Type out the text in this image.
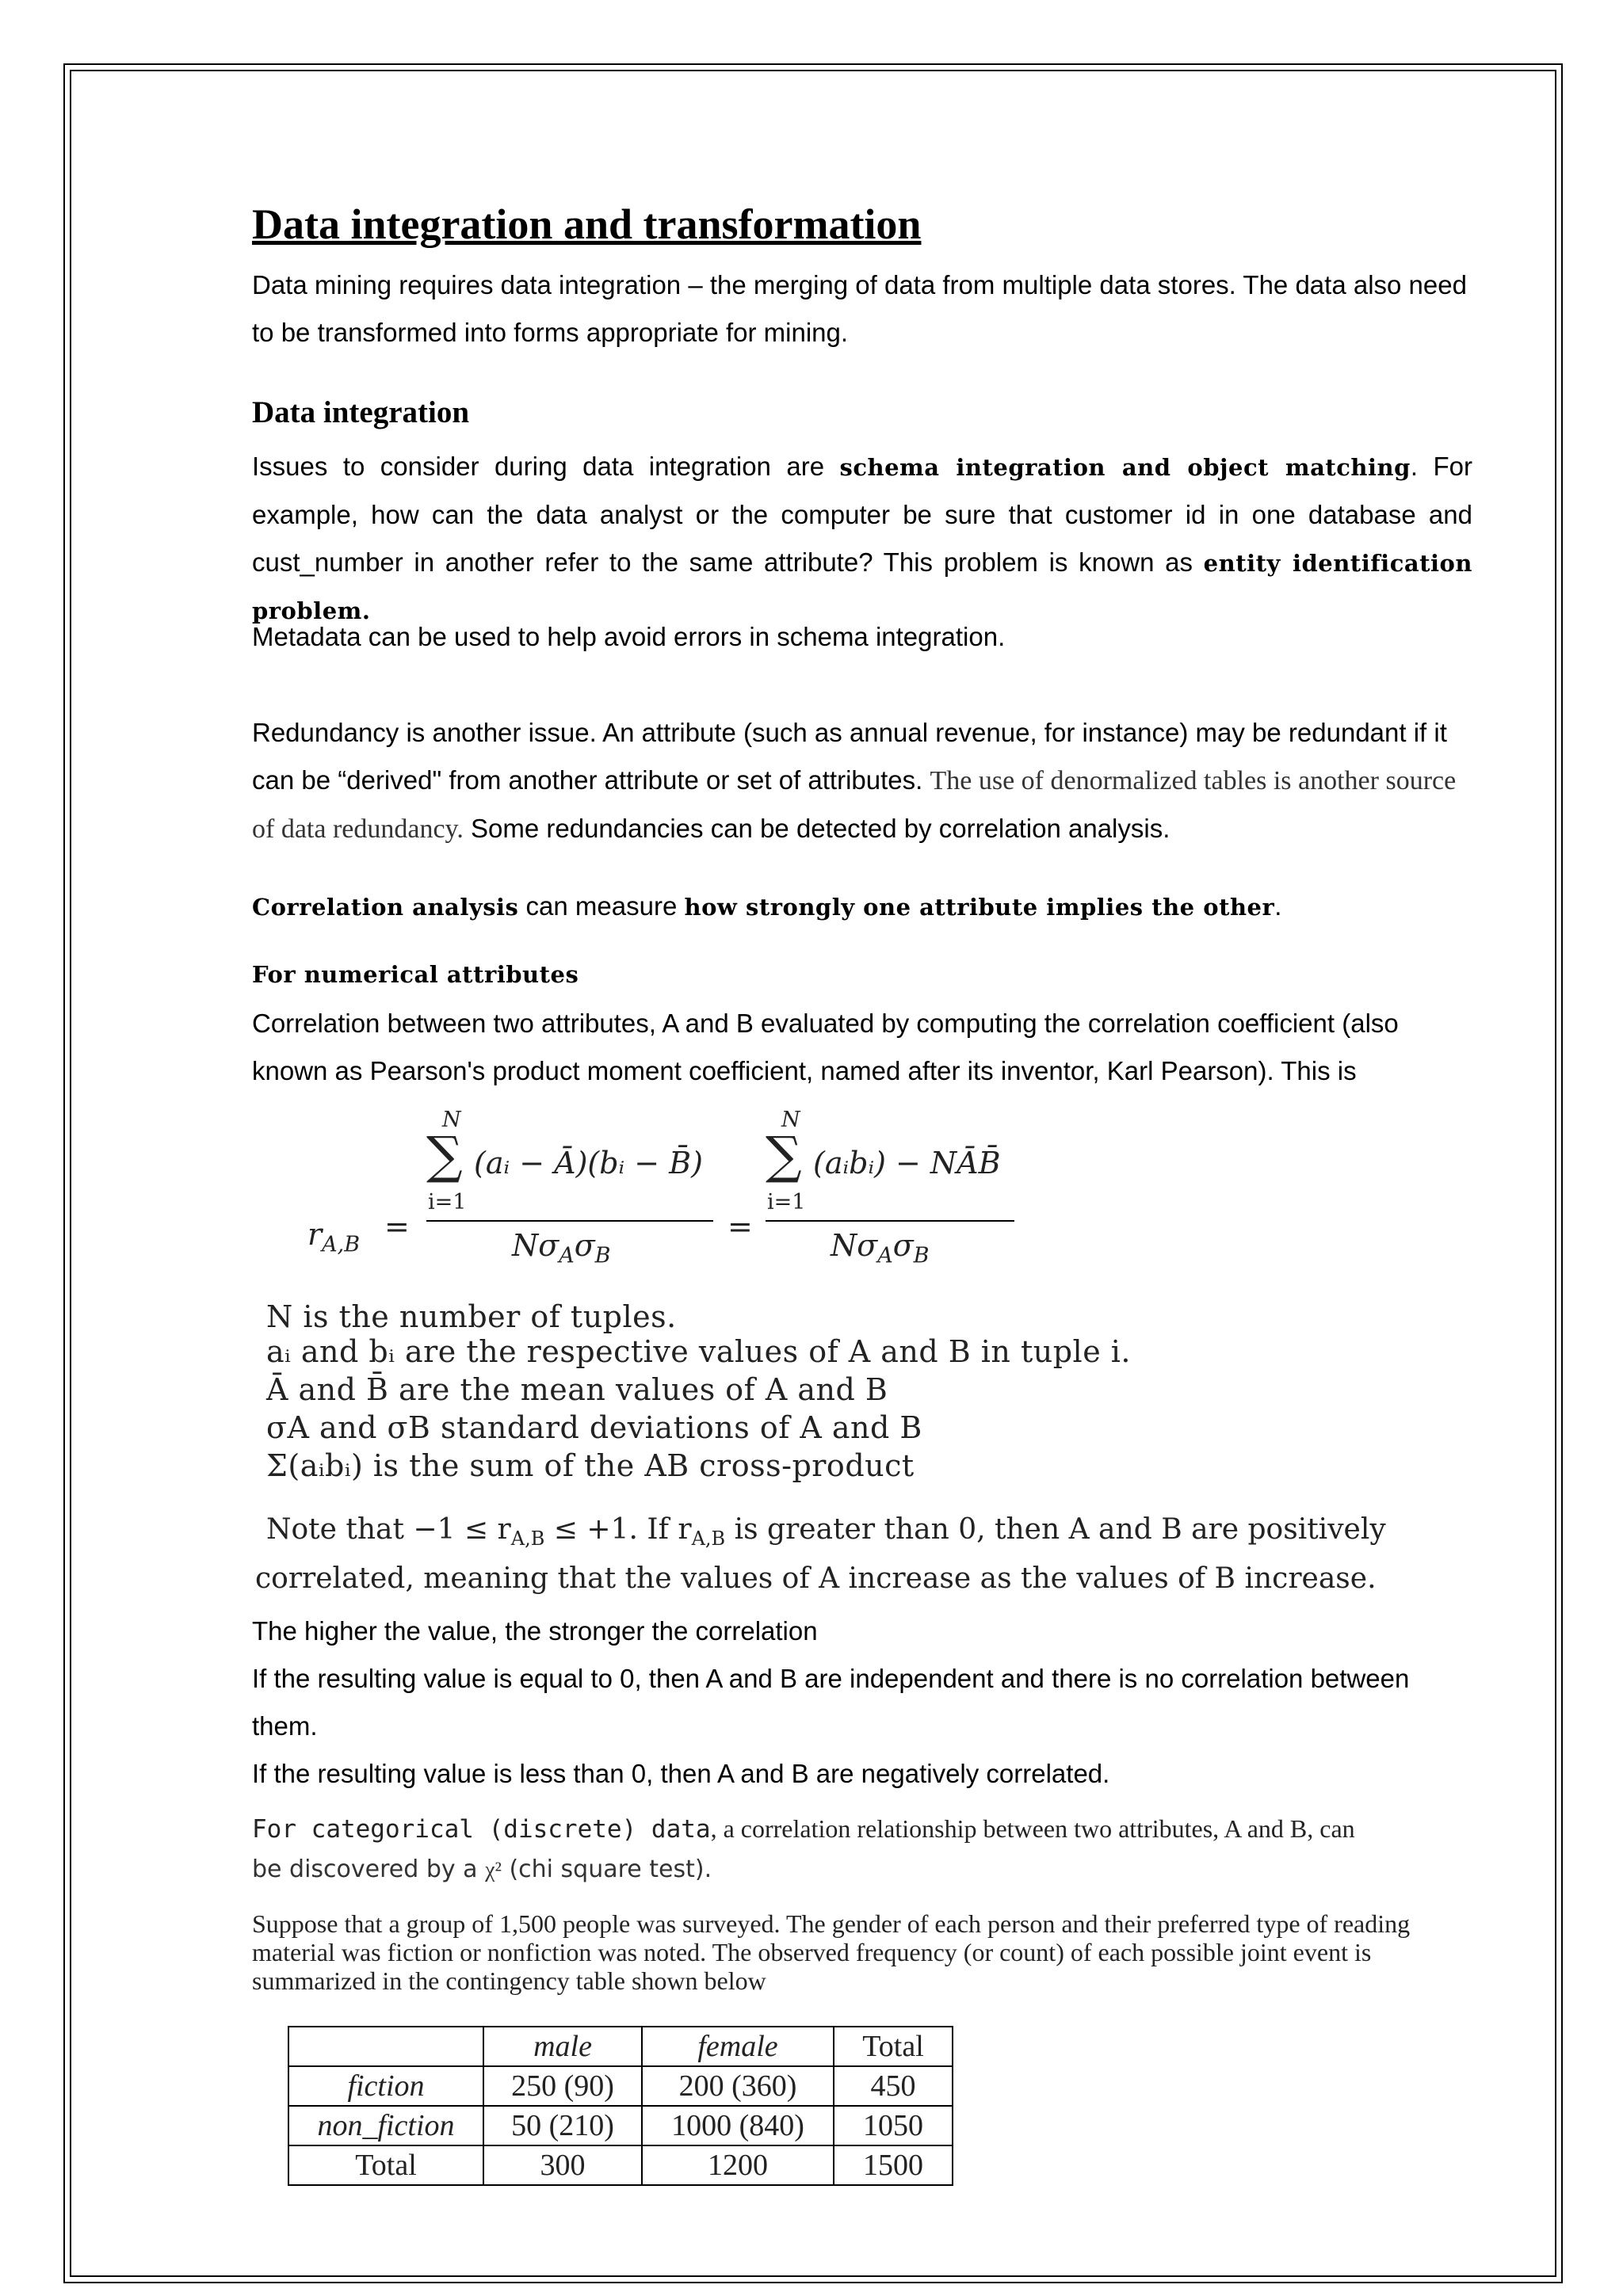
Data integration and transformation
Data mining requires data integration – the merging of data from multiple data stores. The data also need to be transformed into forms appropriate for mining.
Data integration
Issues to consider during data integration are schema integration and object matching. For example, how can the data analyst or the computer be sure that customer id in one database and cust_number in another refer to the same attribute? This problem is known as entity identification problem.
Metadata can be used to help avoid errors in schema integration.
Redundancy is another issue. An attribute (such as annual revenue, for instance) may be redundant if it can be “derived" from another attribute or set of attributes. The use of denormalized tables is another source of data redundancy. Some redundancies can be detected by correlation analysis.
Correlation analysis can measure how strongly one attribute implies the other.
For numerical attributes
Correlation between two attributes, A and B evaluated by computing the correlation coefficient (also known as Pearson's product moment coefficient, named after its inventor, Karl Pearson). This is
$r_{A,B}$
=
N
∑
i=1
(aᵢ − Ā)(bᵢ − B̄)
$N\sigma_A\sigma_B$
=
N
∑
i=1
(aᵢbᵢ) − NĀB̄
$N\sigma_A\sigma_B$
N is the number of tuples.
aᵢ and bᵢ are the respective values of A and B in tuple i.
Ā and B̄ are the mean values of A and B
σA and σB standard deviations of A and B
Σ(aᵢbᵢ) is the sum of the AB cross-product
Note that $-1 \le r_{A,B} \le +1$. If $r_{A,B}$ is greater than 0, then A and B are positively
correlated, meaning that the values of A increase as the values of B increase.
The higher the value, the stronger the correlation
If the resulting value is equal to 0, then A and B are independent and there is no correlation between
them.
If the resulting value is less than 0, then A and B are negatively correlated.
For categorical (discrete) data, a correlation relationship between two attributes, A and B, can
be discovered by a χ² (chi square test).
Suppose that a group of 1,500 people was surveyed. The gender of each person and their preferred type of reading material was fiction or nonfiction was noted. The observed frequency (or count) of each possible joint event is summarized in the contingency table shown below
	male	female	Total
fiction	250 (90)	200 (360)	450
non_fiction	50 (210)	1000 (840)	1050
Total	300	1200	1500
